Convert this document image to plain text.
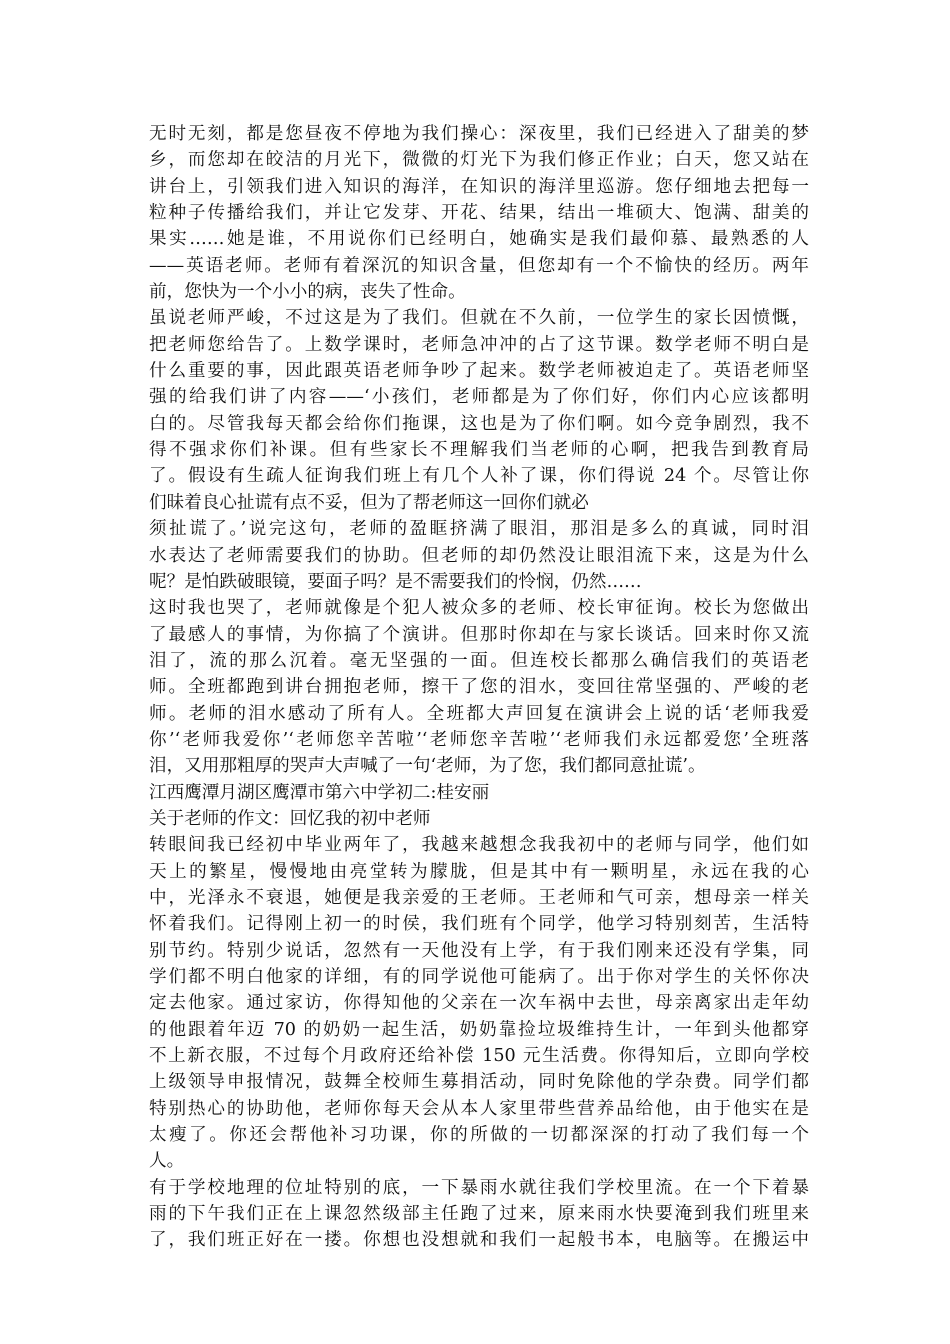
无时无刻，都是您昼夜不停地为我们操心：深夜里，我们已经进入了甜美的梦
乡，而您却在皎洁的月光下，微微的灯光下为我们修正作业；白天，您又站在
讲台上，引领我们进入知识的海洋，在知识的海洋里巡游。您仔细地去把每一
粒种子传播给我们，并让它发芽、开花、结果，结出一堆硕大、饱满、甜美的
果实……她是谁，不用说你们已经明白，她确实是我们最仰慕、最熟悉的人
——英语老师。老师有着深沉的知识含量，但您却有一个不愉快的经历。两年
前，您快为一个小小的病，丧失了性命。
虽说老师严峻，不过这是为了我们。但就在不久前，一位学生的家长因愤慨，
把老师您给告了。上数学课时，老师急冲冲的占了这节课。数学老师不明白是
什么重要的事，因此跟英语老师争吵了起来。数学老师被迫走了。英语老师坚
强的给我们讲了内容——‘小孩们，老师都是为了你们好，你们内心应该都明
白的。尽管我每天都会给你们拖课，这也是为了你们啊。如今竞争剧烈，我不
得不强求你们补课。但有些家长不理解我们当老师的心啊，把我告到教育局
了。假设有生疏人征询我们班上有几个人补了课，你们得说 24 个。尽管让你
们昧着良心扯谎有点不妥，但为了帮老师这一回你们就必
须扯谎了。’说完这句，老师的盈眶挤满了眼泪，那泪是多么的真诚，同时泪
水表达了老师需要我们的协助。但老师的却仍然没让眼泪流下来，这是为什么
呢？是怕跌破眼镜，要面子吗？是不需要我们的怜悯，仍然……
这时我也哭了，老师就像是个犯人被众多的老师、校长审征询。校长为您做出
了最感人的事情，为你搞了个演讲。但那时你却在与家长谈话。回来时你又流
泪了，流的那么沉着。毫无坚强的一面。但连校长都那么确信我们的英语老
师。全班都跑到讲台拥抱老师，擦干了您的泪水，变回往常坚强的、严峻的老
师。老师的泪水感动了所有人。全班都大声回复在演讲会上说的话‘老师我爱
你’‘老师我爱你’‘老师您辛苦啦’‘老师您辛苦啦’‘老师我们永远都爱您’全班落
泪，又用那粗厚的哭声大声喊了一句‘老师，为了您，我们都同意扯谎’。
江西鹰潭月湖区鹰潭市第六中学初二:桂安丽
关于老师的作文：回忆我的初中老师
转眼间我已经初中毕业两年了，我越来越想念我我初中的老师与同学，他们如
天上的繁星，慢慢地由亮堂转为朦胧，但是其中有一颗明星，永远在我的心
中，光泽永不衰退，她便是我亲爱的王老师。王老师和气可亲，想母亲一样关
怀着我们。记得刚上初一的时侯，我们班有个同学，他学习特别刻苦，生活特
别节约。特别少说话，忽然有一天他没有上学，有于我们刚来还没有学集，同
学们都不明白他家的详细，有的同学说他可能病了。出于你对学生的关怀你决
定去他家。通过家访，你得知他的父亲在一次车祸中去世，母亲离家出走年幼
的他跟着年迈 70 的奶奶一起生活，奶奶靠捡垃圾维持生计，一年到头他都穿
不上新衣服，不过每个月政府还给补偿 150 元生活费。你得知后，立即向学校
上级领导申报情况，鼓舞全校师生募捐活动，同时免除他的学杂费。同学们都
特别热心的协助他，老师你每天会从本人家里带些营养品给他，由于他实在是
太瘦了。你还会帮他补习功课，你的所做的一切都深深的打动了我们每一个
人。
有于学校地理的位址特别的底，一下暴雨水就往我们学校里流。在一个下着暴
雨的下午我们正在上课忽然级部主任跑了过来，原来雨水快要淹到我们班里来
了，我们班正好在一搂。你想也没想就和我们一起般书本，电脑等。在搬运中
